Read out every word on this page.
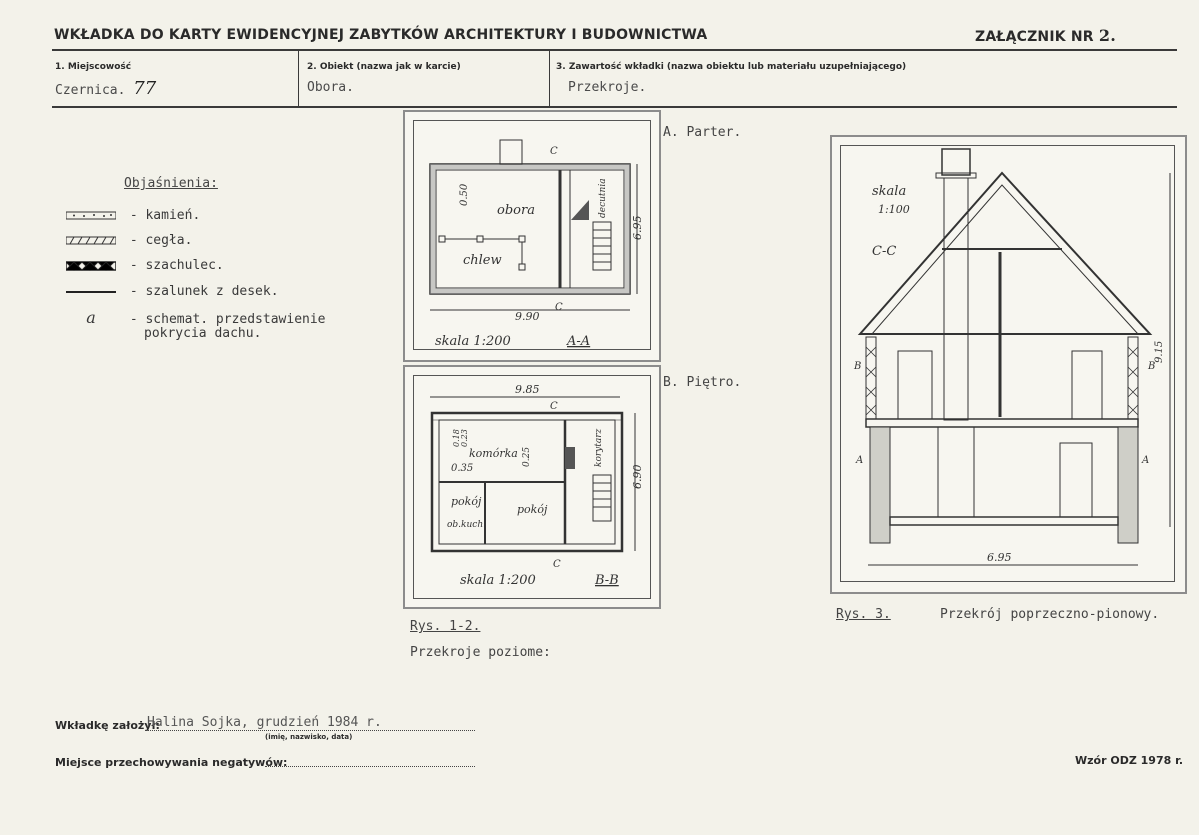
WKŁADKA DO KARTY EWIDENCYJNEJ ZABYTKÓW ARCHITEKTURY I BUDOWNICTWA	ZAŁĄCZNIK NR 2.
1. Miejscowość
Czernica. 77
2. Obiekt (nazwa jak w karcie)
Obora.
3. Zawartość wkładki (nazwa obiektu lub materiału uzupełniającego)
Przekroje.
Objaśnienia:
- kamień.
- cegła.
- szachulec.
- szalunek z desek.
a	- schemat. przedstawienie
pokrycia dachu.
9.90
6.95
0.50
C
C
obora
chlew
decutnia
skala 1:200	A-A
A. Parter.
9.85
6.90
0.18 0.23
0.35
0.25
C
C
komórka	korytarz
pokój
pokój
ob.kuch.
skala 1:200	B-B
B. Piętro.
6.95
9.15
skala
1:100
C-C
B	B
A	A
Rys. 1-2.
Przekroje poziome:
Rys. 3.	Przekrój poprzeczno-pionowy.
Wkładkę założył:
Halina Sojka, grudzień 1984 r.
(imię, nazwisko, data)
Miejsce przechowywania negatywów:	Wzór ODZ 1978 r.
